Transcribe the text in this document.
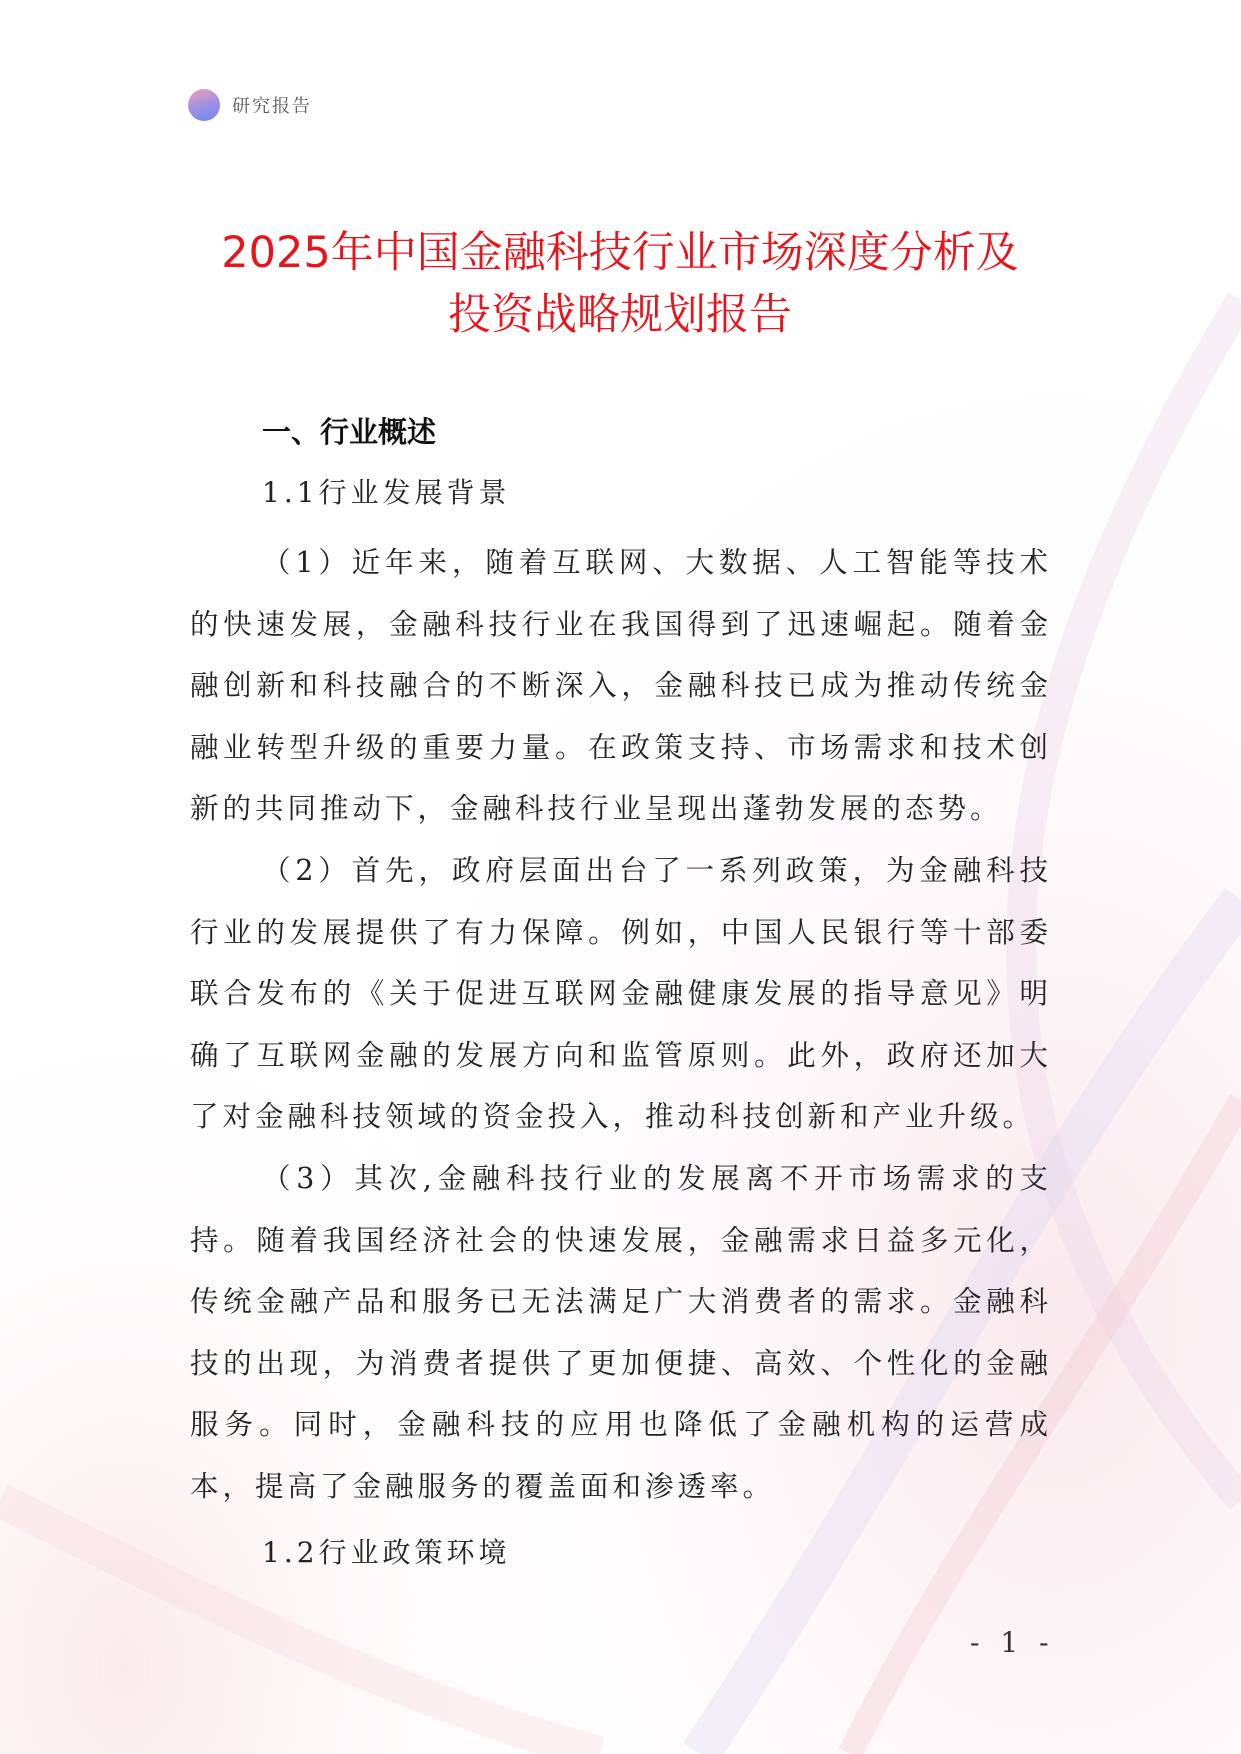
研究报告
2025年中国金融科技行业市场深度分析及
投资战略规划报告

一、行业概述

1.1行业发展背景

（1）近年来，随着互联网、大数据、人工智能等技术的快速发展，金融科技行业在我国得到了迅速崛起。随着金融创新和科技融合的不断深入，金融科技已成为推动传统金融业转型升级的重要力量。在政策支持、市场需求和技术创新的共同推动下，金融科技行业呈现出蓬勃发展的态势。

（2）首先，政府层面出台了一系列政策，为金融科技行业的发展提供了有力保障。例如，中国人民银行等十部委联合发布的《关于促进互联网金融健康发展的指导意见》明确了互联网金融的发展方向和监管原则。此外，政府还加大了对金融科技领域的资金投入，推动科技创新和产业升级。

（3）其次,金融科技行业的发展离不开市场需求的支持。随着我国经济社会的快速发展，金融需求日益多元化，传统金融产品和服务已无法满足广大消费者的需求。金融科技的出现，为消费者提供了更加便捷、高效、个性化的金融服务。同时，金融科技的应用也降低了金融机构的运营成本，提高了金融服务的覆盖面和渗透率。

1.2行业政策环境

- 1 -
